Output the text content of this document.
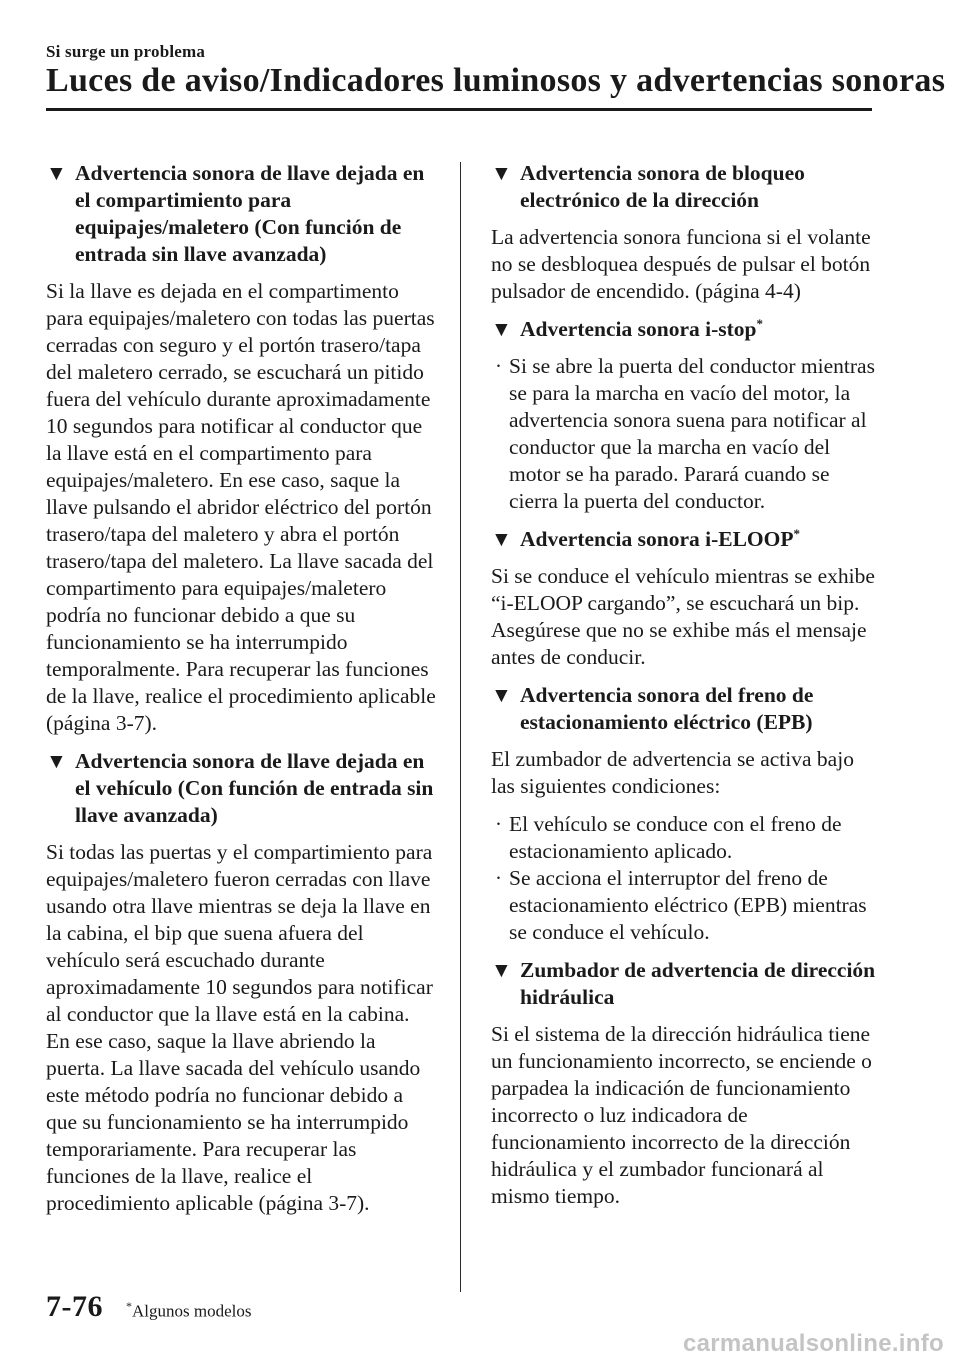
Si surge un problema
Luces de aviso/Indicadores luminosos y advertencias sonoras
▼ Advertencia sonora de llave dejada en el compartimiento para equipajes/maletero (Con función de entrada sin llave avanzada)

Si la llave es dejada en el compartimento para equipajes/maletero con todas las puertas cerradas con seguro y el portón trasero/tapa del maletero cerrado, se escuchará un pitido fuera del vehículo durante aproximadamente 10 segundos para notificar al conductor que la llave está en el compartimento para equipajes/maletero. En ese caso, saque la llave pulsando el abridor eléctrico del portón trasero/tapa del maletero y abra el portón trasero/tapa del maletero. La llave sacada del compartimento para equipajes/maletero podría no funcionar debido a que su funcionamiento se ha interrumpido temporalmente. Para recuperar las funciones de la llave, realice el procedimiento aplicable (página 3-7).

▼ Advertencia sonora de llave dejada en el vehículo (Con función de entrada sin llave avanzada)

Si todas las puertas y el compartimiento para equipajes/maletero fueron cerradas con llave usando otra llave mientras se deja la llave en la cabina, el bip que suena afuera del vehículo será escuchado durante aproximadamente 10 segundos para notificar al conductor que la llave está en la cabina. En ese caso, saque la llave abriendo la puerta. La llave sacada del vehículo usando este método podría no funcionar debido a que su funcionamiento se ha interrumpido temporariamente. Para recuperar las funciones de la llave, realice el procedimiento aplicable (página 3-7).

▼ Advertencia sonora de bloqueo electrónico de la dirección

La advertencia sonora funciona si el volante no se desbloquea después de pulsar el botón pulsador de encendido. (página 4-4)

▼ Advertencia sonora i-stop*
· Si se abre la puerta del conductor mientras se para la marcha en vacío del motor, la advertencia sonora suena para notificar al conductor que la marcha en vacío del motor se ha parado. Parará cuando se cierra la puerta del conductor.
▼ Advertencia sonora i-ELOOP*

Si se conduce el vehículo mientras se exhibe “i-ELOOP cargando”, se escuchará un bip. Asegúrese que no se exhibe más el mensaje antes de conducir.

▼ Advertencia sonora del freno de estacionamiento eléctrico (EPB)

El zumbador de advertencia se activa bajo las siguientes condiciones:

· El vehículo se conduce con el freno de estacionamiento aplicado.
· Se acciona el interruptor del freno de estacionamiento eléctrico (EPB) mientras se conduce el vehículo.
▼ Zumbador de advertencia de dirección hidráulica

Si el sistema de la dirección hidráulica tiene un funcionamiento incorrecto, se enciende o parpadea la indicación de funcionamiento incorrecto o luz indicadora de funcionamiento incorrecto de la dirección hidráulica y el zumbador funcionará al mismo tiempo.

7-76 *Algunos modelos
carmanualsonline.info
